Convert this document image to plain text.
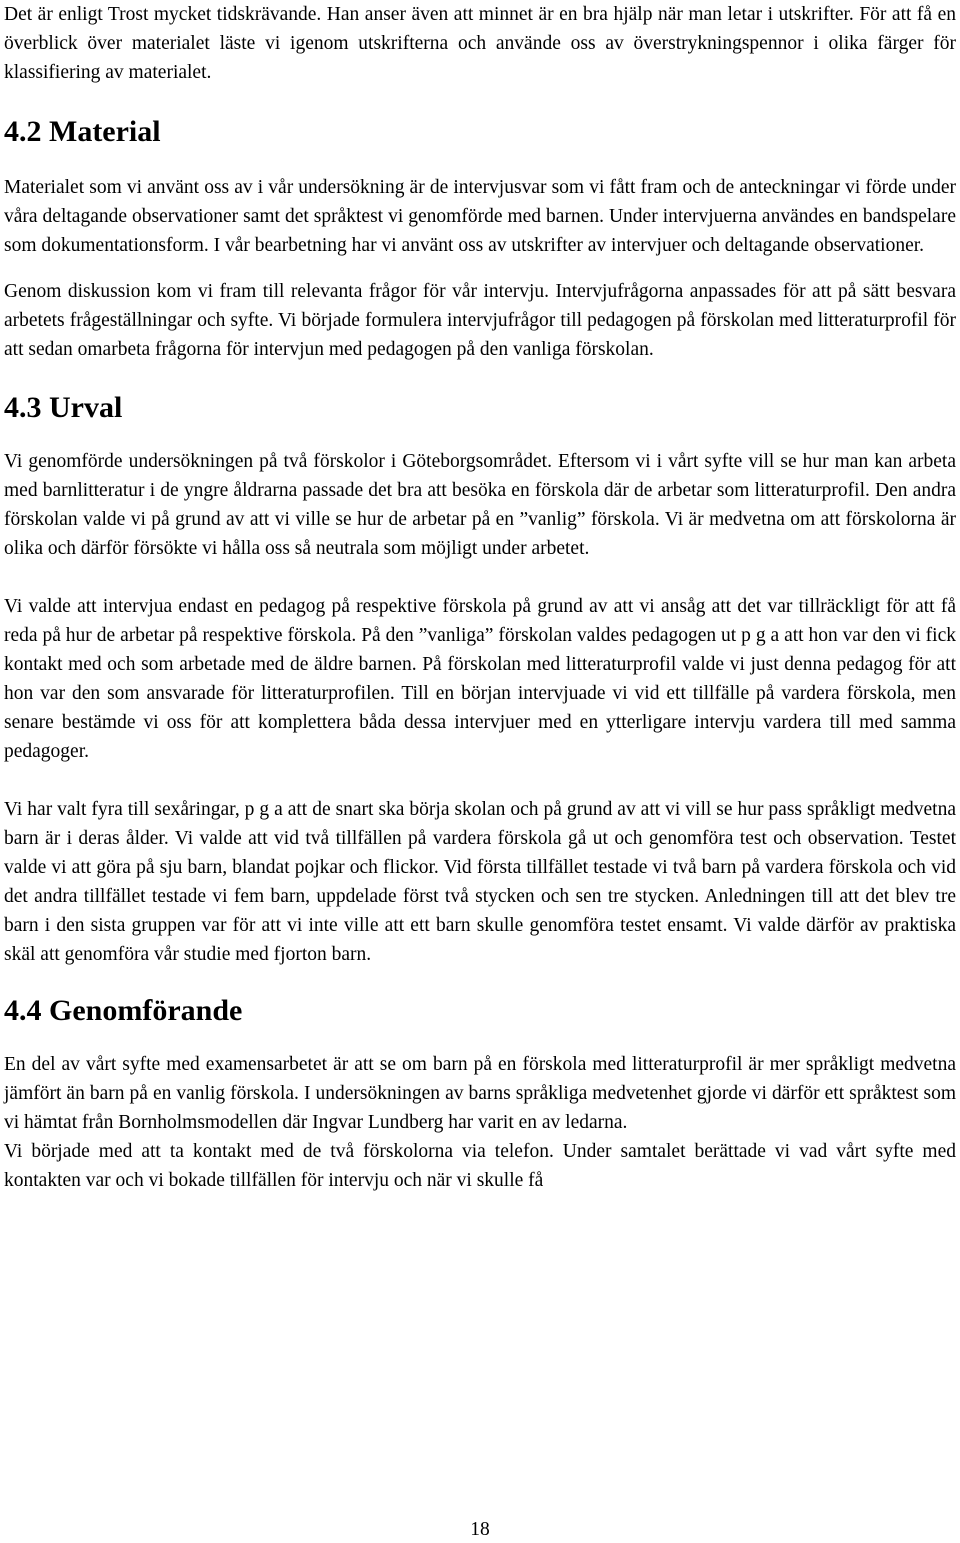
Det är enligt Trost mycket tidskrävande. Han anser även att minnet är en bra hjälp när man letar i utskrifter. För att få en överblick över materialet läste vi igenom utskrifterna och använde oss av överstrykningspennor i olika färger för klassifiering av materialet.

4.2 Material

Materialet som vi använt oss av i vår undersökning är de intervjusvar som vi fått fram och de anteckningar vi förde under våra deltagande observationer samt det språktest vi genomförde med barnen. Under intervjuerna användes en bandspelare som dokumentationsform. I vår bearbetning har vi använt oss av utskrifter av intervjuer och deltagande observationer.

Genom diskussion kom vi fram till relevanta frågor för vår intervju. Intervjufrågorna anpassades för att på sätt besvara arbetets frågeställningar och syfte. Vi började formulera intervjufrågor till pedagogen på förskolan med litteraturprofil för att sedan omarbeta frågorna för intervjun med pedagogen på den vanliga förskolan.

4.3 Urval

Vi genomförde undersökningen på två förskolor i Göteborgsområdet. Eftersom vi i vårt syfte vill se hur man kan arbeta med barnlitteratur i de yngre åldrarna passade det bra att besöka en förskola där de arbetar som litteraturprofil. Den andra förskolan valde vi på grund av att vi ville se hur de arbetar på en ”vanlig” förskola. Vi är medvetna om att förskolorna är olika och därför försökte vi hålla oss så neutrala som möjligt under arbetet.

Vi valde att intervjua endast en pedagog på respektive förskola på grund av att vi ansåg att det var tillräckligt för att få reda på hur de arbetar på respektive förskola. På den ”vanliga” förskolan valdes pedagogen ut p g a att hon var den vi fick kontakt med och som arbetade med de äldre barnen. På förskolan med litteraturprofil valde vi just denna pedagog för att hon var den som ansvarade för litteraturprofilen. Till en början intervjuade vi vid ett tillfälle på vardera förskola, men senare bestämde vi oss för att komplettera båda dessa intervjuer med en ytterligare intervju vardera till med samma pedagoger.

Vi har valt fyra till sexåringar, p g a att de snart ska börja skolan och på grund av att vi vill se hur pass språkligt medvetna barn är i deras ålder. Vi valde att vid två tillfällen på vardera förskola gå ut och genomföra test och observation. Testet valde vi att göra på sju barn, blandat pojkar och flickor. Vid första tillfället testade vi två barn på vardera förskola och vid det andra tillfället testade vi fem barn, uppdelade först två stycken och sen tre stycken. Anledningen till att det blev tre barn i den sista gruppen var för att vi inte ville att ett barn skulle genomföra testet ensamt. Vi valde därför av praktiska skäl att genomföra vår studie med fjorton barn.

4.4 Genomförande

En del av vårt syfte med examensarbetet är att se om barn på en förskola med litteraturprofil är mer språkligt medvetna jämfört än barn på en vanlig förskola. I undersökningen av barns språkliga medvetenhet gjorde vi därför ett språktest som vi hämtat från Bornholmsmodellen där Ingvar Lundberg har varit en av ledarna.

Vi började med att ta kontakt med de två förskolorna via telefon. Under samtalet berättade vi vad vårt syfte med kontakten var och vi bokade tillfällen för intervju och när vi skulle få

18
